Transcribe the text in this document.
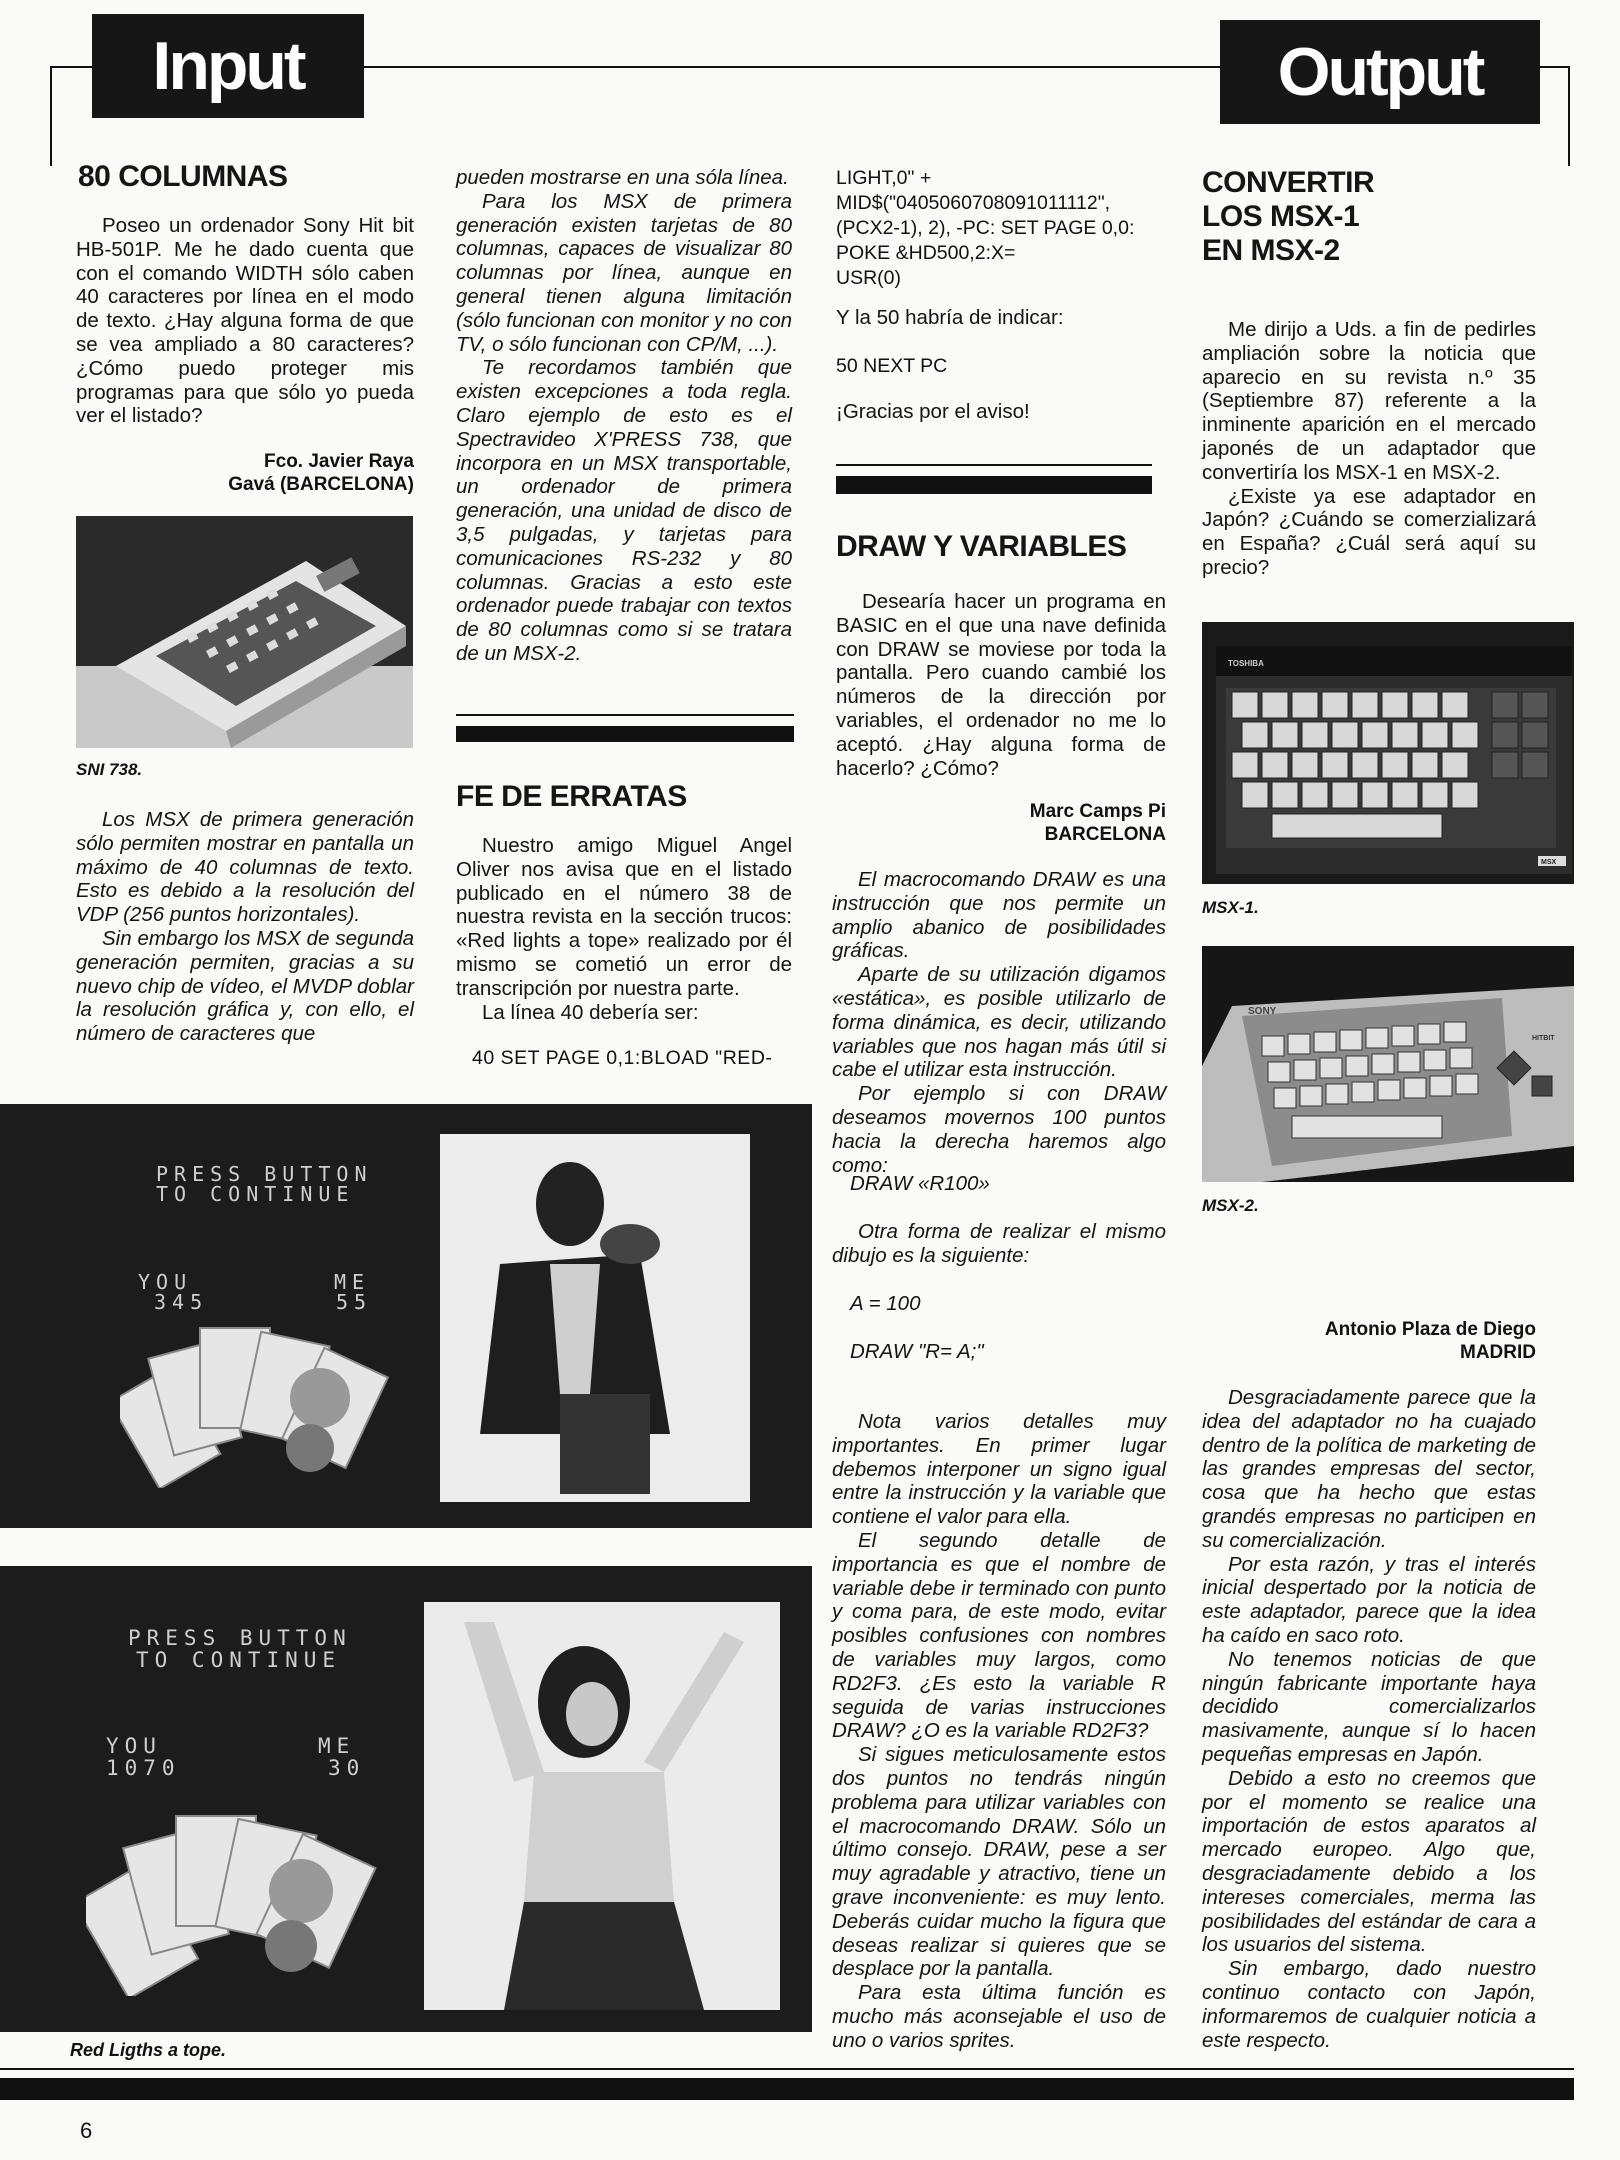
Input	Output
80 COLUMNAS

Poseo un ordenador Sony Hit bit HB-501P. Me he dado cuenta que con el comando WIDTH sólo caben 40 caracteres por línea en el modo de texto. ¿Hay alguna forma de que se vea ampliado a 80 caracteres? ¿Cómo puedo proteger mis programas para que sólo yo pueda ver el listado?

Fco. Javier Raya
Gavá (BARCELONA)
SNI 738.

Los MSX de primera generación sólo permiten mostrar en pantalla un máximo de 40 columnas de texto. Esto es debido a la resolución del VDP (256 puntos horizontales).

Sin embargo los MSX de segunda generación permiten, gracias a su nuevo chip de vídeo, el MVDP doblar la resolución gráfica y, con ello, el número de caracteres que

pueden mostrarse en una sóla línea.

Para los MSX de primera generación existen tarjetas de 80 columnas, capaces de visualizar 80 columnas por línea, aunque en general tienen alguna limitación (sólo funcionan con monitor y no con TV, o sólo funcionan con CP/M, ...).

Te recordamos también que existen excepciones a toda regla. Claro ejemplo de esto es el Spectravideo X'PRESS 738, que incorpora en un MSX transportable, un ordenador de primera generación, una unidad de disco de 3,5 pulgadas, y tarjetas para comunicaciones RS-232 y 80 columnas. Gracias a esto este ordenador puede trabajar con textos de 80 columnas como si se tratara de un MSX-2.

FE DE ERRATAS

Nuestro amigo Miguel Angel Oliver nos avisa que en el listado publicado en el número 38 de nuestra revista en la sección trucos: «Red lights a tope» realizado por él mismo se cometió un error de transcripción por nuestra parte.

La línea 40 debería ser:

40 SET PAGE 0,1:BLOAD "RED-
LIGHT,0" +
MID$("0405060708091011112",
(PCX2-1), 2), -PC: SET PAGE 0,0:
POKE &HD500,2:X=
USR(0)
Y la 50 habría de indicar:
50 NEXT PC
¡Gracias por el aviso!
DRAW Y VARIABLES

Desearía hacer un programa en BASIC en el que una nave definida con DRAW se moviese por toda la pantalla. Pero cuando cambié los números de la dirección por variables, el ordenador no me lo aceptó. ¿Hay alguna forma de hacerlo? ¿Cómo?

Marc Camps Pi
BARCELONA

El macrocomando DRAW es una instrucción que nos permite un amplio abanico de posibilidades gráficas.

Aparte de su utilización digamos «estática», es posible utilizarlo de forma dinámica, es decir, utilizando variables que nos hagan más útil si cabe el utilizar esta instrucción.

Por ejemplo si con DRAW deseamos movernos 100 puntos hacia la derecha haremos algo como:

DRAW «R100»

Otra forma de realizar el mismo dibujo es la siguiente:

A = 100
DRAW "R= A;"

Nota varios detalles muy importantes. En primer lugar debemos interponer un signo igual entre la instrucción y la variable que contiene el valor para ella.

El segundo detalle de importancia es que el nombre de variable debe ir terminado con punto y coma para, de este modo, evitar posibles confusiones con nombres de variables muy largos, como RD2F3. ¿Es esto la variable R seguida de varias instrucciones DRAW? ¿O es la variable RD2F3?

Si sigues meticulosamente estos dos puntos no tendrás ningún problema para utilizar variables con el macrocomando DRAW. Sólo un último consejo. DRAW, pese a ser muy agradable y atractivo, tiene un grave inconveniente: es muy lento. Deberás cuidar mucho la figura que deseas realizar si quieres que se desplace por la pantalla.

Para esta última función es mucho más aconsejable el uso de uno o varios sprites.

CONVERTIR
LOS MSX-1
EN MSX-2

Me dirijo a Uds. a fin de pedirles ampliación sobre la noticia que aparecio en su revista n.º 35 (Septiembre 87) referente a la inminente aparición en el mercado japonés de un adaptador que convertiría los MSX-1 en MSX-2.

¿Existe ya ese adaptador en Japón? ¿Cuándo se comerzializará en España? ¿Cuál será aquí su precio?

TOSHIBA
MSX
MSX-1.
SONY
HITBIT
MSX-2.
Antonio Plaza de Diego
MADRID

Desgraciadamente parece que la idea del adaptador no ha cuajado dentro de la política de marketing de las grandes empresas del sector, cosa que ha hecho que estas grandés empresas no participen en su comercialización.

Por esta razón, y tras el interés inicial despertado por la noticia de este adaptador, parece que la idea ha caído en saco roto.

No tenemos noticias de que ningún fabricante importante haya decidido comercializarlos masivamente, aunque sí lo hacen pequeñas empresas en Japón.

Debido a esto no creemos que por el momento se realice una importación de estos aparatos al mercado europeo. Algo que, desgraciadamente debido a los intereses comerciales, merma las posibilidades del estándar de cara a los usuarios del sistema.

Sin embargo, dado nuestro continuo contacto con Japón, informaremos de cualquier noticia a este respecto.

PRESS BUTTON
TO CONTINUE
YOU
345
ME
55
PRESS BUTTON
TO CONTINUE
YOU
1070
ME
30
Red Ligths a tope.
6
